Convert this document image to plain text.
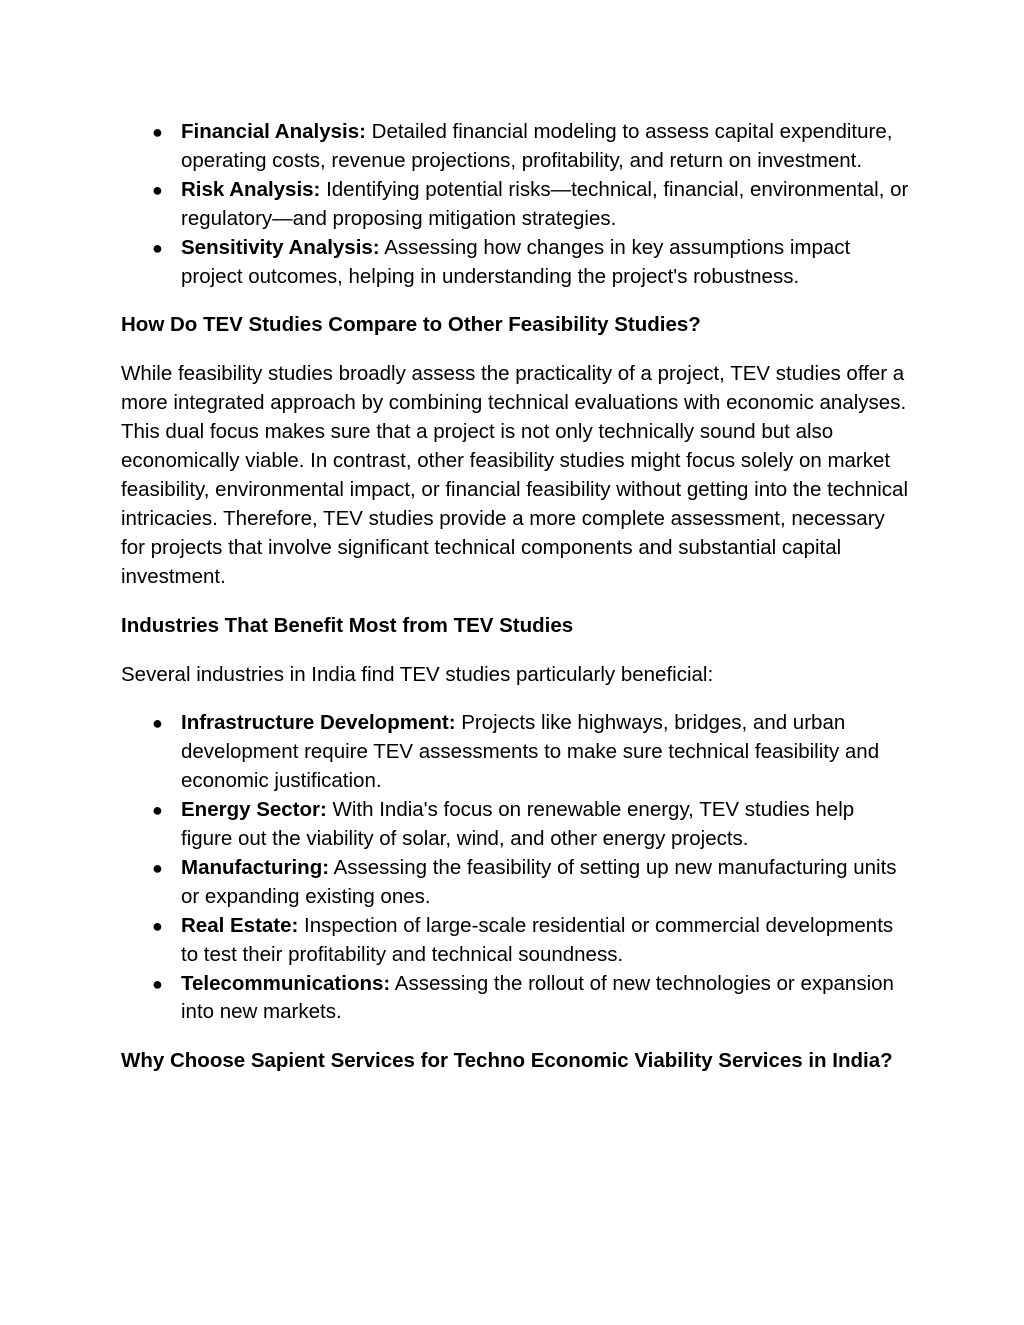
● Financial Analysis: Detailed financial modeling to assess capital expenditure, operating costs, revenue projections, profitability, and return on investment.
● Risk Analysis: Identifying potential risks—technical, financial, environmental, or regulatory—and proposing mitigation strategies.
● Sensitivity Analysis: Assessing how changes in key assumptions impact project outcomes, helping in understanding the project's robustness.
How Do TEV Studies Compare to Other Feasibility Studies?

While feasibility studies broadly assess the practicality of a project, TEV studies offer a more integrated approach by combining technical evaluations with economic analyses. This dual focus makes sure that a project is not only technically sound but also economically viable. In contrast, other feasibility studies might focus solely on market feasibility, environmental impact, or financial feasibility without getting into the technical intricacies. Therefore, TEV studies provide a more complete assessment, necessary for projects that involve significant technical components and substantial capital investment.

Industries That Benefit Most from TEV Studies

Several industries in India find TEV studies particularly beneficial:

● Infrastructure Development: Projects like highways, bridges, and urban development require TEV assessments to make sure technical feasibility and economic justification.
● Energy Sector: With India's focus on renewable energy, TEV studies help figure out the viability of solar, wind, and other energy projects.
● Manufacturing: Assessing the feasibility of setting up new manufacturing units or expanding existing ones.
● Real Estate: Inspection of large-scale residential or commercial developments to test their profitability and technical soundness.
● Telecommunications: Assessing the rollout of new technologies or expansion into new markets.
Why Choose Sapient Services for Techno Economic Viability Services in India?
